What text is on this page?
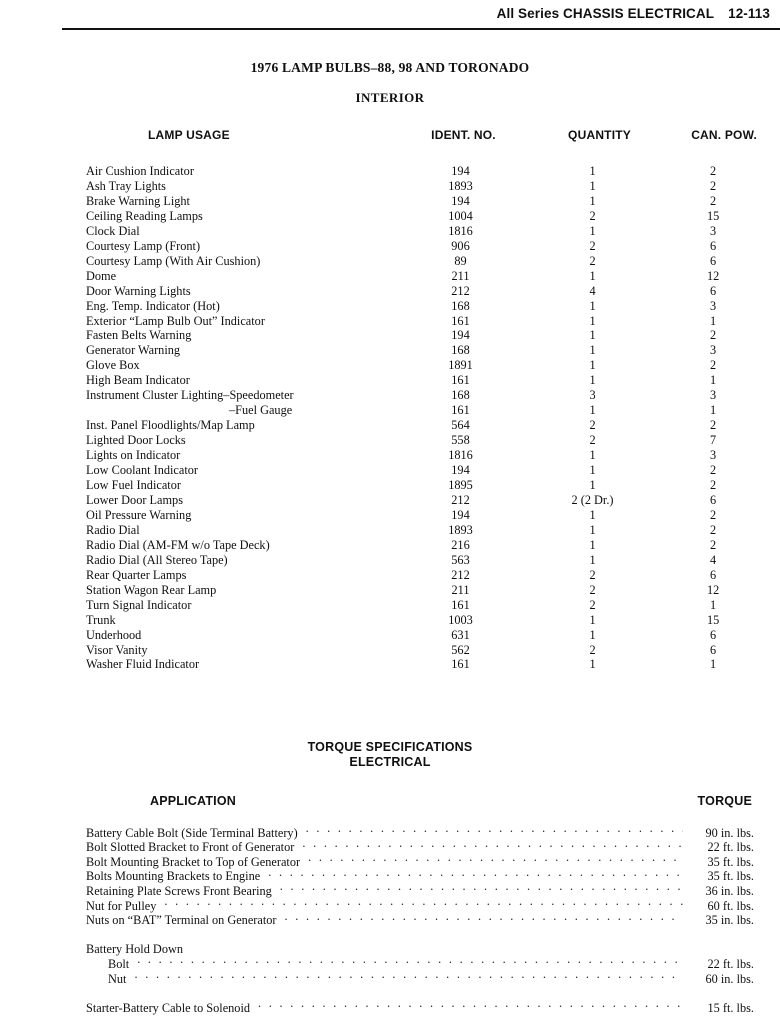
All Series CHASSIS ELECTRICAL 12-113
1976 LAMP BULBS–88, 98 AND TORONADO
INTERIOR
LAMP USAGE	IDENT. NO.	QUANTITY	CAN. POW.
Air Cushion Indicator	194	1	2
Ash Tray Lights	1893	1	2
Brake Warning Light	194	1	2
Ceiling Reading Lamps	1004	2	15
Clock Dial	1816	1	3
Courtesy Lamp (Front)	906	2	6
Courtesy Lamp (With Air Cushion)	89	2	6
Dome	211	1	12
Door Warning Lights	212	4	6
Eng. Temp. Indicator (Hot)	168	1	3
Exterior “Lamp Bulb Out” Indicator	161	1	1
Fasten Belts Warning	194	1	2
Generator Warning	168	1	3
Glove Box	1891	1	2
High Beam Indicator	161	1	1
Instrument Cluster Lighting–Speedometer	168	3	3
–Fuel Gauge	161	1	1
Inst. Panel Floodlights/Map Lamp	564	2	2
Lighted Door Locks	558	2	7
Lights on Indicator	1816	1	3
Low Coolant Indicator	194	1	2
Low Fuel Indicator	1895	1	2
Lower Door Lamps	212	2 (2 Dr.)	6
Oil Pressure Warning	194	1	2
Radio Dial	1893	1	2
Radio Dial (AM-FM w/o Tape Deck)	216	1	2
Radio Dial (All Stereo Tape)	563	1	4
Rear Quarter Lamps	212	2	6
Station Wagon Rear Lamp	211	2	12
Turn Signal Indicator	161	2	1
Trunk	1003	1	15
Underhood	631	1	6
Visor Vanity	562	2	6
Washer Fluid Indicator	161	1	1
TORQUE SPECIFICATIONS
ELECTRICAL
APPLICATION	TORQUE
Battery Cable Bolt (Side Terminal Battery) . . .	90 in. lbs.
Bolt Slotted Bracket to Front of Generator . . .	22 ft. lbs.
Bolt Mounting Bracket to Top of Generator . . .	35 ft. lbs.
Bolts Mounting Brackets to Engine . . .	35 ft. lbs.
Retaining Plate Screws Front Bearing . . .	36 in. lbs.
Nut for Pulley . . .	60 ft. lbs.
Nuts on “BAT” Terminal on Generator . . .	35 in. lbs.
Battery Hold Down
Bolt . . .	22 ft. lbs.
Nut . . .	60 in. lbs.
Starter-Battery Cable to Solenoid . . .	15 ft. lbs.
